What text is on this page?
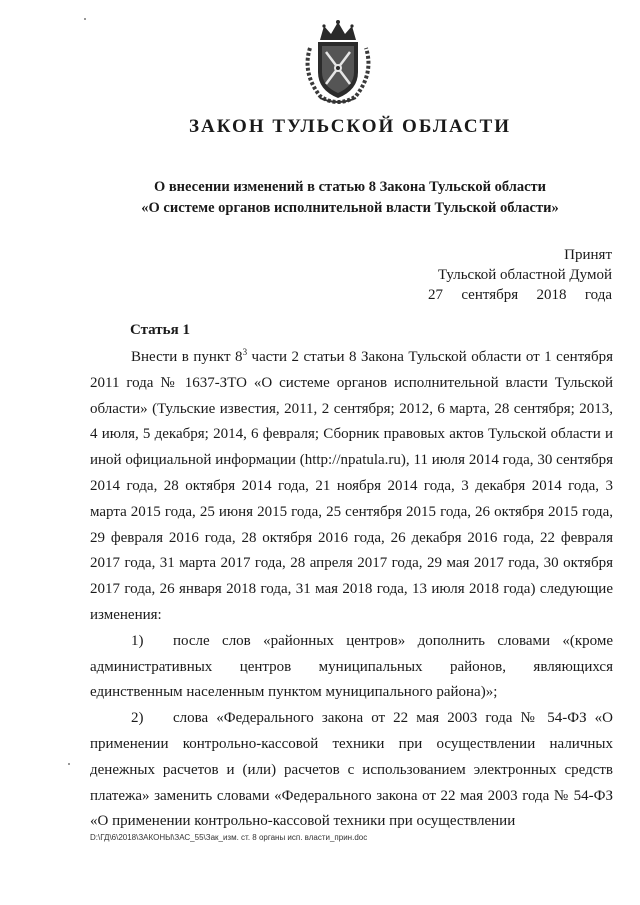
ЗАКОН ТУЛЬСКОЙ ОБЛАСТИ
О внесении изменений в статью 8 Закона Тульской области
«О системе органов исполнительной власти Тульской области»
Принят
Тульской областной Думой
27 сентября 2018 года
Статья 1

Внести в пункт $8^3$ части 2 статьи 8 Закона Тульской области от 1 сентября 2011 года № 1637-ЗТО «О системе органов исполнительной власти Тульской области» (Тульские известия, 2011, 2 сентября; 2012, 6 марта, 28 сентября; 2013, 4 июля, 5 декабря; 2014, 6 февраля; Сборник правовых актов Тульской области и иной официальной информации (http://npatula.ru), 11 июля 2014 года, 30 сентября 2014 года, 28 октября 2014 года, 21 ноября 2014 года, 3 декабря 2014 года, 3 марта 2015 года, 25 июня 2015 года, 25 сентября 2015 года, 26 октября 2015 года, 29 февраля 2016 года, 28 октября 2016 года, 26 декабря 2016 года, 22 февраля 2017 года, 31 марта 2017 года, 28 апреля 2017 года, 29 мая 2017 года, 30 октября 2017 года, 26 января 2018 года, 31 мая 2018 года, 13 июля 2018 года) следующие изменения:

1) после слов «районных центров» дополнить словами «(кроме административных центров муниципальных районов, являющихся единственным населенным пунктом муниципального района)»;

2) слова «Федерального закона от 22 мая 2003 года № 54-ФЗ «О применении контрольно-кассовой техники при осуществлении наличных денежных расчетов и (или) расчетов с использованием электронных средств платежа» заменить словами «Федерального закона от 22 мая 2003 года № 54-ФЗ «О применении контрольно-кассовой техники при осуществлении

D:\ГД\6\2018\ЗАКОНЫ\ЗАС_55\Зак_изм. ст. 8 органы исп. власти_прин.doc
